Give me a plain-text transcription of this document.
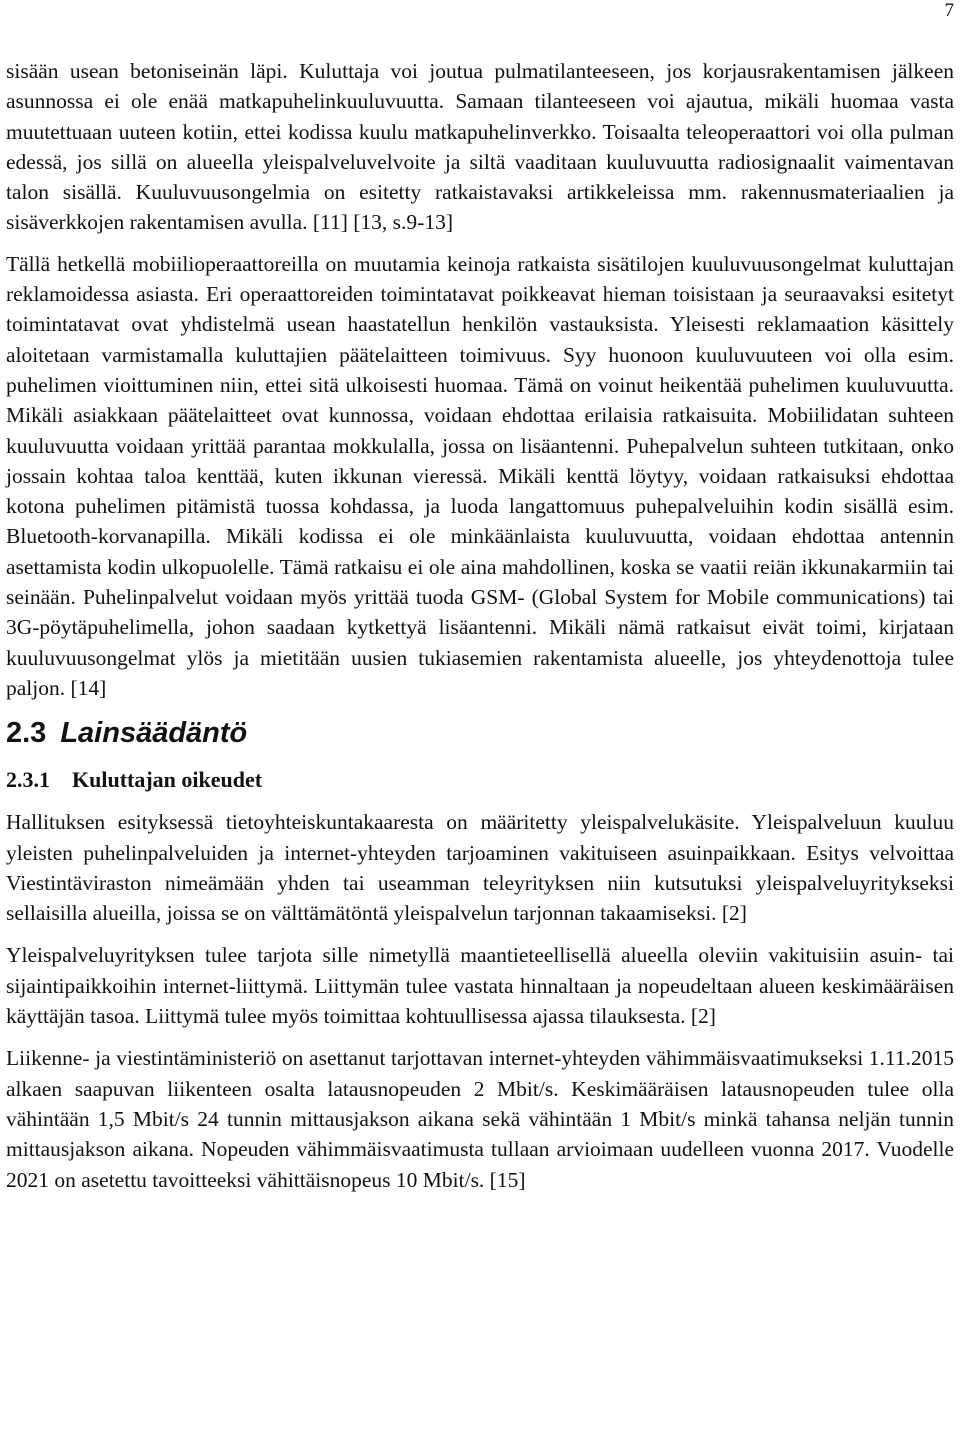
7

sisään usean betoniseinän läpi. Kuluttaja voi joutua pulmatilanteeseen, jos korjausrakentamisen jälkeen asunnossa ei ole enää matkapuhelinkuuluvuutta. Samaan tilanteeseen voi ajautua, mikäli huomaa vasta muutettuaan uuteen kotiin, ettei kodissa kuulu matkapuhelinverkko. Toisaalta teleoperaattori voi olla pulman edessä, jos sillä on alueella yleispalveluvelvoite ja siltä vaaditaan kuuluvuutta radiosignaalit vaimentavan talon sisällä. Kuuluvuusongelmia on esitetty ratkaistavaksi artikkeleissa mm. rakennusmateriaalien ja sisäverkkojen rakentamisen avulla. [11] [13, s.9-13]

Tällä hetkellä mobiilioperaattoreilla on muutamia keinoja ratkaista sisätilojen kuuluvuusongelmat kuluttajan reklamoidessa asiasta. Eri operaattoreiden toimintatavat poikkeavat hieman toisistaan ja seuraavaksi esitetyt toimintatavat ovat yhdistelmä usean haastatellun henkilön vastauksista. Yleisesti reklamaation käsittely aloitetaan varmistamalla kuluttajien päätelaitteen toimivuus. Syy huonoon kuuluvuuteen voi olla esim. puhelimen vioittuminen niin, ettei sitä ulkoisesti huomaa. Tämä on voinut heikentää puhelimen kuuluvuutta. Mikäli asiakkaan päätelaitteet ovat kunnossa, voidaan ehdottaa erilaisia ratkaisuita. Mobiilidatan suhteen kuuluvuutta voidaan yrittää parantaa mokkulalla, jossa on lisäantenni. Puhepalvelun suhteen tutkitaan, onko jossain kohtaa taloa kenttää, kuten ikkunan vieressä. Mikäli kenttä löytyy, voidaan ratkaisuksi ehdottaa kotona puhelimen pitämistä tuossa kohdassa, ja luoda langattomuus puhepalveluihin kodin sisällä esim. Bluetooth-korvanapilla. Mikäli kodissa ei ole minkäänlaista kuuluvuutta, voidaan ehdottaa antennin asettamista kodin ulkopuolelle. Tämä ratkaisu ei ole aina mahdollinen, koska se vaatii reiän ikkunakarmiin tai seinään. Puhelinpalvelut voidaan myös yrittää tuoda GSM- (Global System for Mobile communications) tai 3G-pöytäpuhelimella, johon saadaan kytkettyä lisäantenni. Mikäli nämä ratkaisut eivät toimi, kirjataan kuuluvuusongelmat ylös ja mietitään uusien tukiasemien rakentamista alueelle, jos yhteydenottoja tulee paljon. [14]

2.3 Lainsäädäntö
2.3.1 Kuluttajan oikeudet

Hallituksen esityksessä tietoyhteiskuntakaaresta on määritetty yleispalvelukäsite. Yleispalveluun kuuluu yleisten puhelinpalveluiden ja internet-yhteyden tarjoaminen vakituiseen asuinpaikkaan. Esitys velvoittaa Viestintäviraston nimeämään yhden tai useamman teleyrityksen niin kutsutuksi yleispalveluyritykseksi sellaisilla alueilla, joissa se on välttämätöntä yleispalvelun tarjonnan takaamiseksi. [2]

Yleispalveluyrityksen tulee tarjota sille nimetyllä maantieteellisellä alueella oleviin vakituisiin asuin- tai sijaintipaikkoihin internet-liittymä. Liittymän tulee vastata hinnaltaan ja nopeudeltaan alueen keskimääräisen käyttäjän tasoa. Liittymä tulee myös toimittaa kohtuullisessa ajassa tilauksesta. [2]

Liikenne- ja viestintäministeriö on asettanut tarjottavan internet-yhteyden vähimmäisvaatimukseksi 1.11.2015 alkaen saapuvan liikenteen osalta latausnopeuden 2 Mbit/s. Keskimääräisen latausnopeuden tulee olla vähintään 1,5 Mbit/s 24 tunnin mittausjakson aikana sekä vähintään 1 Mbit/s minkä tahansa neljän tunnin mittausjakson aikana. Nopeuden vähimmäisvaatimusta tullaan arvioimaan uudelleen vuonna 2017. Vuodelle 2021 on asetettu tavoitteeksi vähittäisnopeus 10 Mbit/s. [15]
